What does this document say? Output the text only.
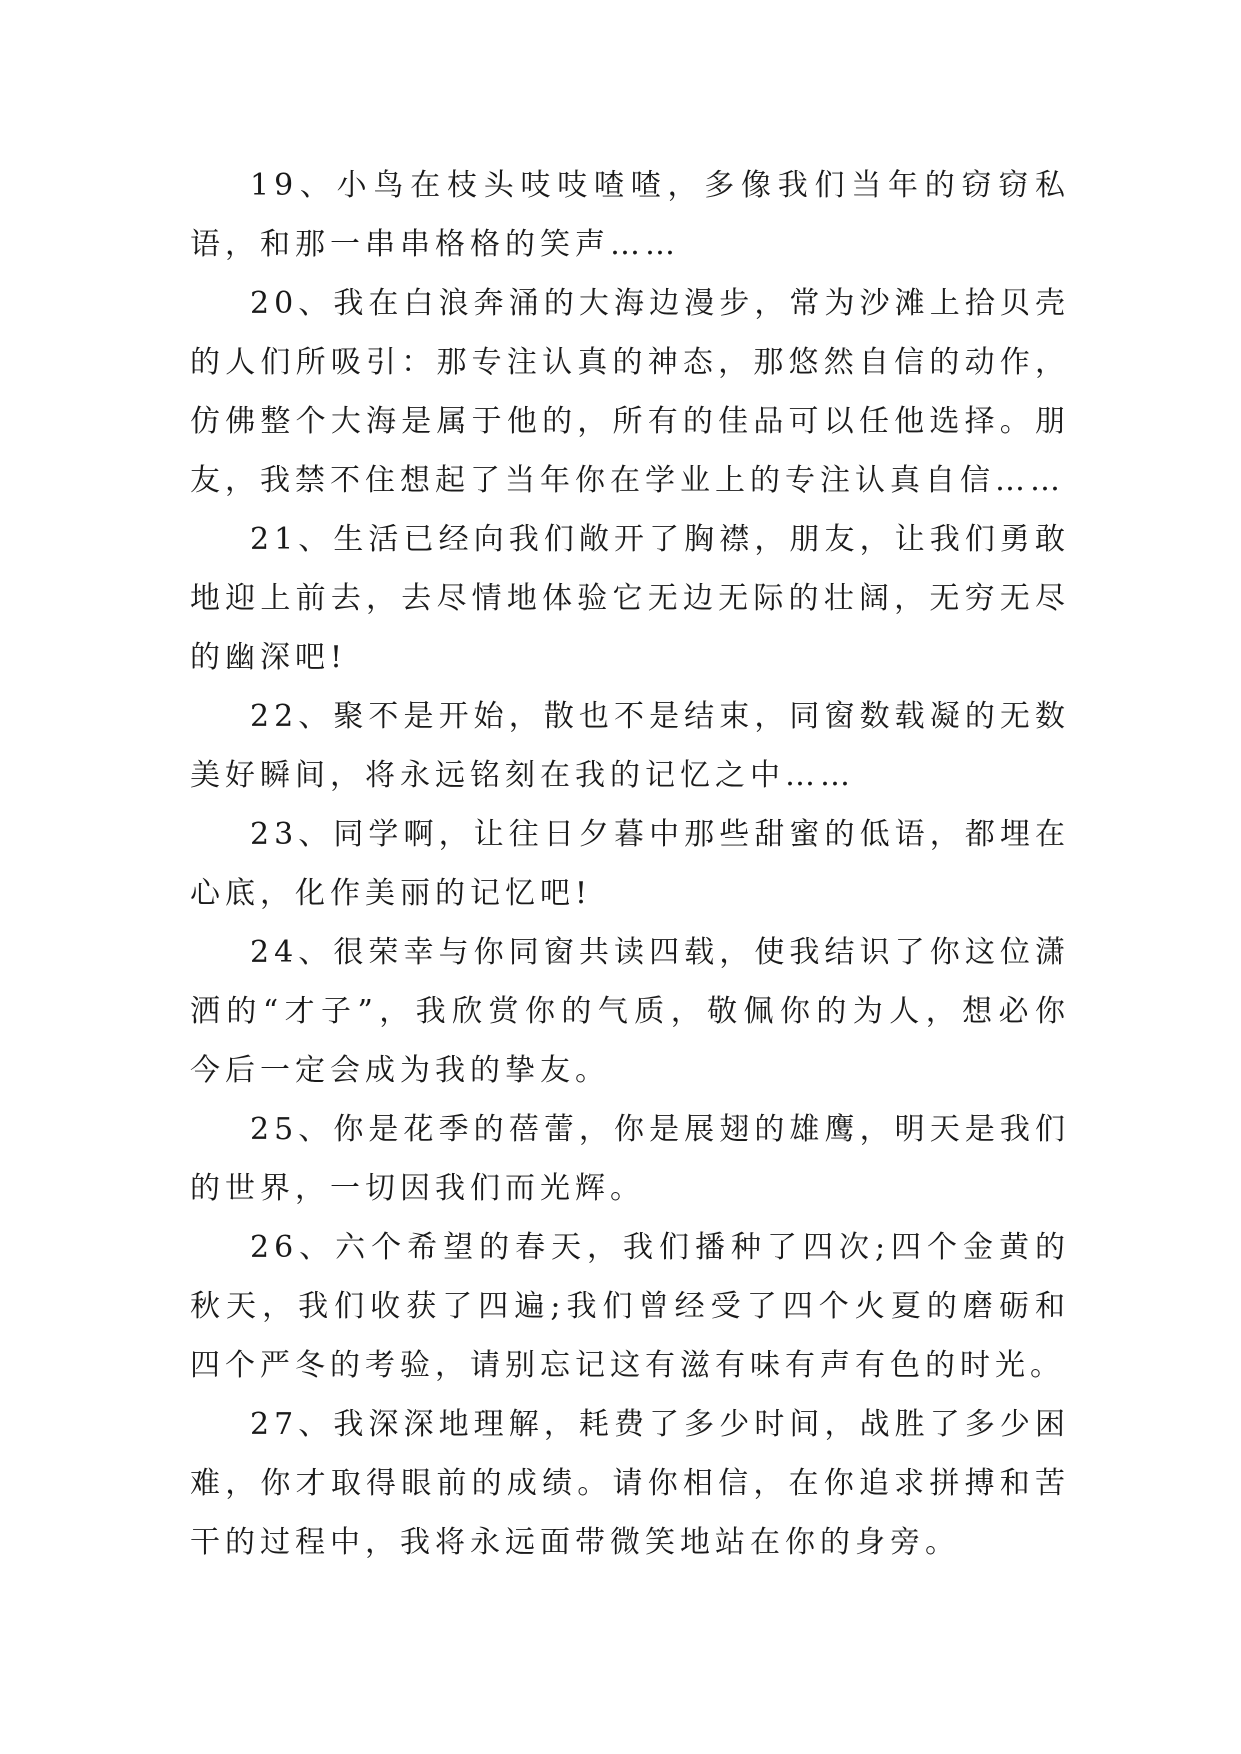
19、小鸟在枝头吱吱喳喳，多像我们当年的窃窃私语，和那一串串格格的笑声……

20、我在白浪奔涌的大海边漫步，常为沙滩上拾贝壳的人们所吸引：那专注认真的神态，那悠然自信的动作，仿佛整个大海是属于他的，所有的佳品可以任他选择。朋友，我禁不住想起了当年你在学业上的专注认真自信……

21、生活已经向我们敞开了胸襟，朋友，让我们勇敢地迎上前去，去尽情地体验它无边无际的壮阔，无穷无尽的幽深吧!

22、聚不是开始，散也不是结束，同窗数载凝的无数美好瞬间，将永远铭刻在我的记忆之中……

23、同学啊，让往日夕暮中那些甜蜜的低语，都埋在心底，化作美丽的记忆吧!

24、很荣幸与你同窗共读四载，使我结识了你这位潇洒的“才子”，我欣赏你的气质，敬佩你的为人，想必你今后一定会成为我的挚友。

25、你是花季的蓓蕾，你是展翅的雄鹰，明天是我们的世界，一切因我们而光辉。

26、六个希望的春天，我们播种了四次;四个金黄的秋天，我们收获了四遍;我们曾经受了四个火夏的磨砺和四个严冬的考验，请别忘记这有滋有味有声有色的时光。

27、我深深地理解，耗费了多少时间，战胜了多少困难，你才取得眼前的成绩。请你相信，在你追求拼搏和苦干的过程中，我将永远面带微笑地站在你的身旁。
